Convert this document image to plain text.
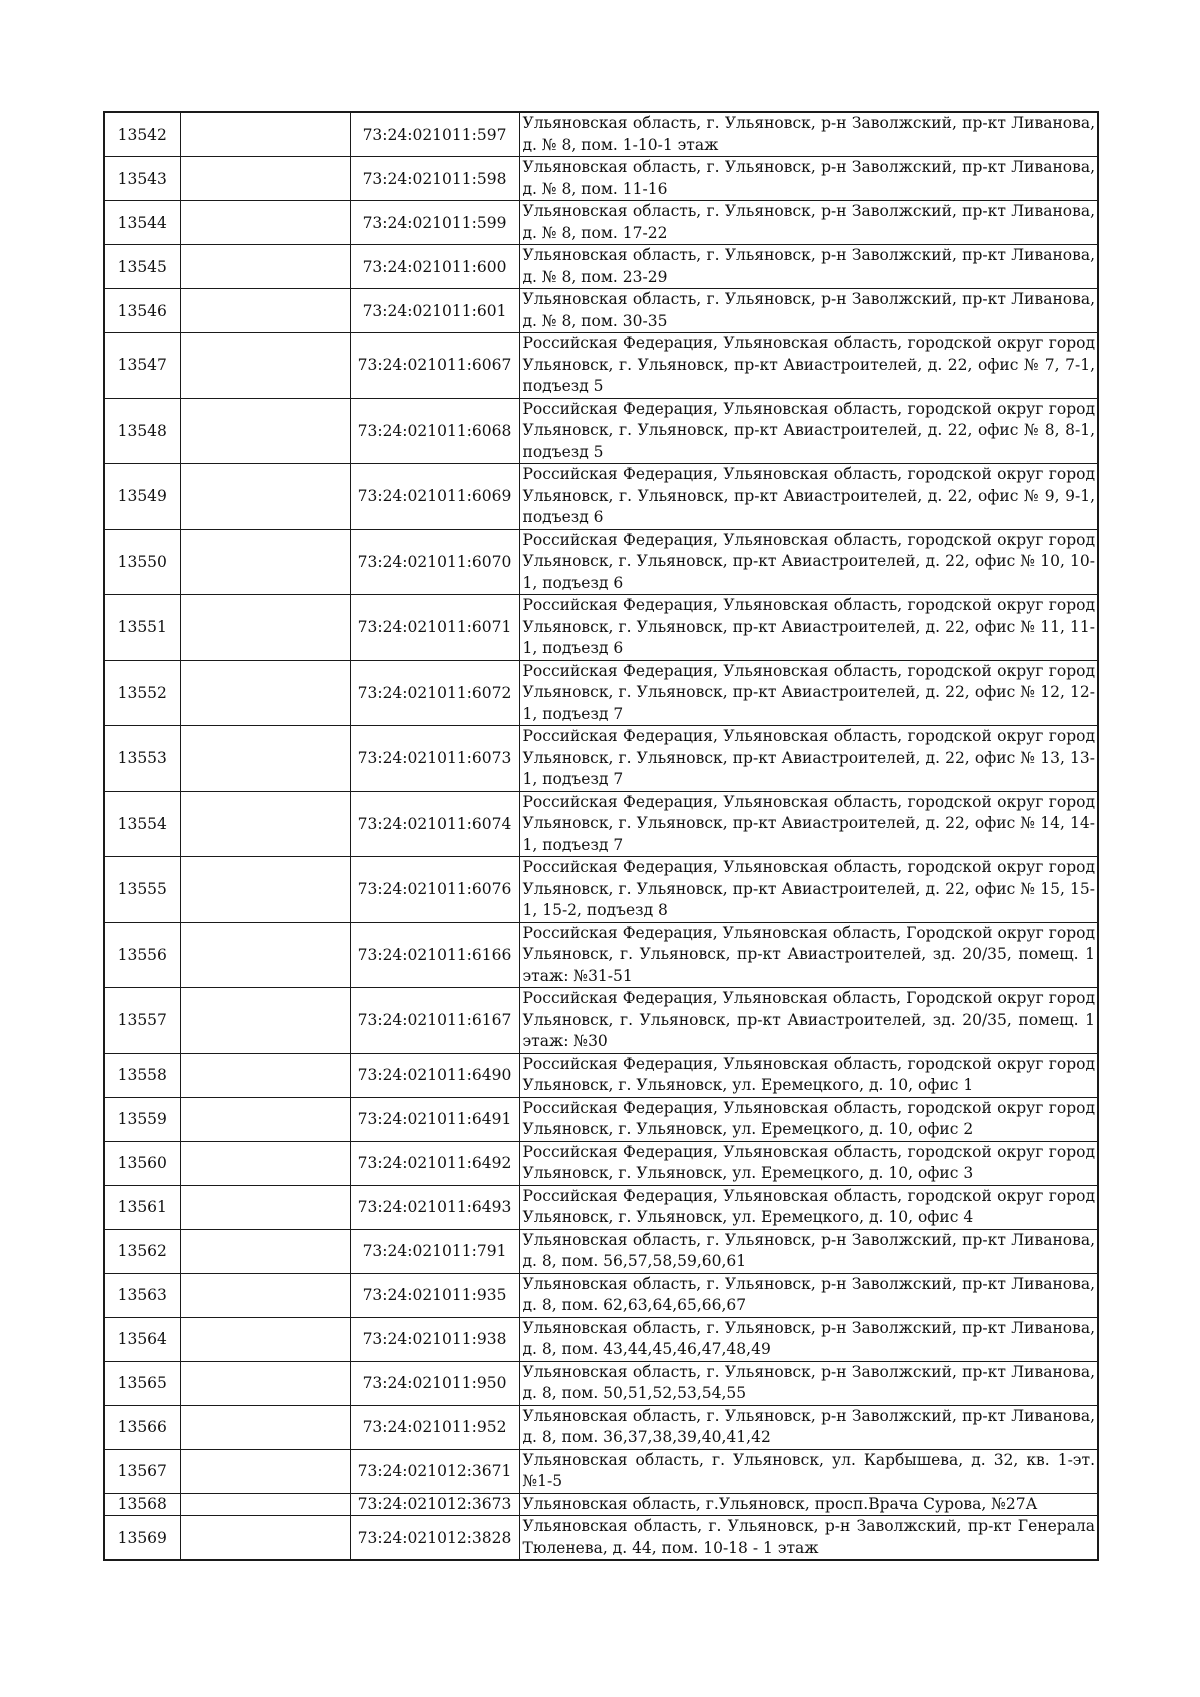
13542		73:24:021011:597	Ульяновская область, г. Ульяновск, р-н Заволжский, пр-кт Ливанова, д. № 8, пом. 1-10-1 этаж
13543		73:24:021011:598	Ульяновская область, г. Ульяновск, р-н Заволжский, пр-кт Ливанова, д. № 8, пом. 11-16
13544		73:24:021011:599	Ульяновская область, г. Ульяновск, р-н Заволжский, пр-кт Ливанова, д. № 8, пом. 17-22
13545		73:24:021011:600	Ульяновская область, г. Ульяновск, р-н Заволжский, пр-кт Ливанова, д. № 8, пом. 23-29
13546		73:24:021011:601	Ульяновская область, г. Ульяновск, р-н Заволжский, пр-кт Ливанова, д. № 8, пом. 30-35
13547		73:24:021011:6067	Российская Федерация, Ульяновская область, городской округ город Ульяновск, г. Ульяновск, пр-кт Авиастроителей, д. 22, офис № 7, 7-1, подъезд 5
13548		73:24:021011:6068	Российская Федерация, Ульяновская область, городской округ город Ульяновск, г. Ульяновск, пр-кт Авиастроителей, д. 22, офис № 8, 8-1, подъезд 5
13549		73:24:021011:6069	Российская Федерация, Ульяновская область, городской округ город Ульяновск, г. Ульяновск, пр-кт Авиастроителей, д. 22, офис № 9, 9-1, подъезд 6
13550		73:24:021011:6070	Российская Федерация, Ульяновская область, городской округ город Ульяновск, г. Ульяновск, пр-кт Авиастроителей, д. 22, офис № 10, 10-1, подъезд 6
13551		73:24:021011:6071	Российская Федерация, Ульяновская область, городской округ город Ульяновск, г. Ульяновск, пр-кт Авиастроителей, д. 22, офис № 11, 11-1, подъезд 6
13552		73:24:021011:6072	Российская Федерация, Ульяновская область, городской округ город Ульяновск, г. Ульяновск, пр-кт Авиастроителей, д. 22, офис № 12, 12-1, подъезд 7
13553		73:24:021011:6073	Российская Федерация, Ульяновская область, городской округ город Ульяновск, г. Ульяновск, пр-кт Авиастроителей, д. 22, офис № 13, 13-1, подъезд 7
13554		73:24:021011:6074	Российская Федерация, Ульяновская область, городской округ город Ульяновск, г. Ульяновск, пр-кт Авиастроителей, д. 22, офис № 14, 14-1, подъезд 7
13555		73:24:021011:6076	Российская Федерация, Ульяновская область, городской округ город Ульяновск, г. Ульяновск, пр-кт Авиастроителей, д. 22, офис № 15, 15-1, 15-2, подъезд 8
13556		73:24:021011:6166	Российская Федерация, Ульяновская область, Городской округ город Ульяновск, г. Ульяновск, пр-кт Авиастроителей, зд. 20/35, помещ. 1 этаж: №31-51
13557		73:24:021011:6167	Российская Федерация, Ульяновская область, Городской округ город Ульяновск, г. Ульяновск, пр-кт Авиастроителей, зд. 20/35, помещ. 1 этаж: №30
13558		73:24:021011:6490	Российская Федерация, Ульяновская область, городской округ город Ульяновск, г. Ульяновск, ул. Еремецкого, д. 10, офис 1
13559		73:24:021011:6491	Российская Федерация, Ульяновская область, городской округ город Ульяновск, г. Ульяновск, ул. Еремецкого, д. 10, офис 2
13560		73:24:021011:6492	Российская Федерация, Ульяновская область, городской округ город Ульяновск, г. Ульяновск, ул. Еремецкого, д. 10, офис 3
13561		73:24:021011:6493	Российская Федерация, Ульяновская область, городской округ город Ульяновск, г. Ульяновск, ул. Еремецкого, д. 10, офис 4
13562		73:24:021011:791	Ульяновская область, г. Ульяновск, р-н Заволжский, пр-кт Ливанова, д. 8, пом. 56,57,58,59,60,61
13563		73:24:021011:935	Ульяновская область, г. Ульяновск, р-н Заволжский, пр-кт Ливанова, д. 8, пом. 62,63,64,65,66,67
13564		73:24:021011:938	Ульяновская область, г. Ульяновск, р-н Заволжский, пр-кт Ливанова, д. 8, пом. 43,44,45,46,47,48,49
13565		73:24:021011:950	Ульяновская область, г. Ульяновск, р-н Заволжский, пр-кт Ливанова, д. 8, пом. 50,51,52,53,54,55
13566		73:24:021011:952	Ульяновская область, г. Ульяновск, р-н Заволжский, пр-кт Ливанова, д. 8, пом. 36,37,38,39,40,41,42
13567		73:24:021012:3671	Ульяновская область, г. Ульяновск, ул. Карбышева, д. 32, кв. 1-эт. №1-5
13568		73:24:021012:3673	Ульяновская область, г.Ульяновск, просп.Врача Сурова, №27А
13569		73:24:021012:3828	Ульяновская область, г. Ульяновск, р-н Заволжский, пр-кт Генерала Тюленева, д. 44, пом. 10-18 - 1 этаж
